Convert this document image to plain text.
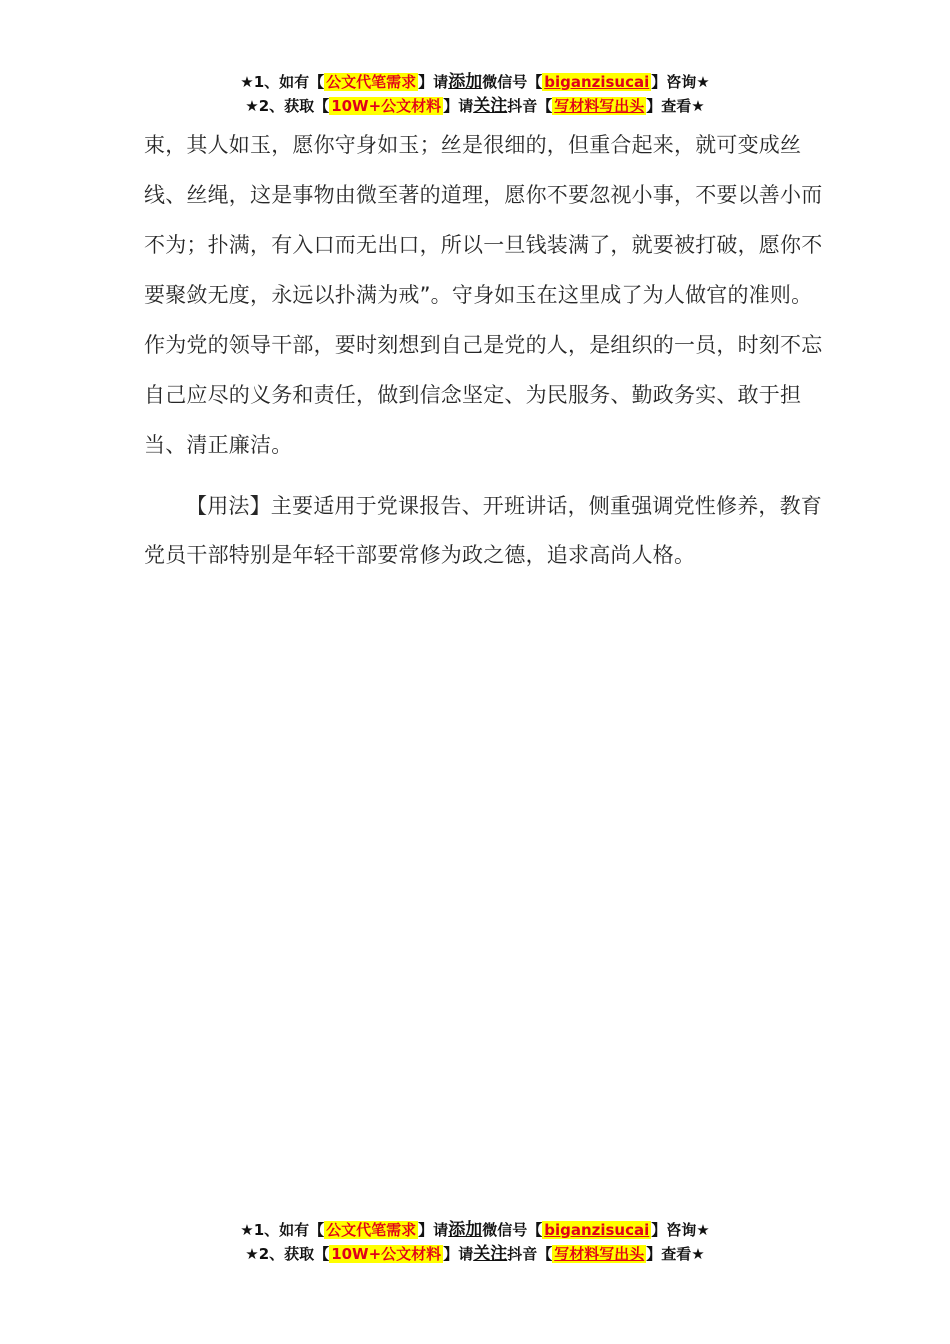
★1、如有【 公文代笔需求 】请添加微信号【 biganzisucai 】咨询★
★2、获取【 10W+公文材料 】请关注抖音【 写材料写出头 】查看★

束，其人如玉，愿你守身如玉；丝是很细的，但重合起来，就可变成丝线、丝绳，这是事物由微至著的道理，愿你不要忽视小事，不要以善小而不为；扑满，有入口而无出口，所以一旦钱装满了，就要被打破，愿你不要聚敛无度，永远以扑满为戒”。守身如玉在这里成了为人做官的准则。作为党的领导干部，要时刻想到自己是党的人，是组织的一员，时刻不忘自己应尽的义务和责任，做到信念坚定、为民服务、勤政务实、敢于担当、清正廉洁。

【用法】主要适用于党课报告、开班讲话，侧重强调党性修养，教育党员干部特别是年轻干部要常修为政之德，追求高尚人格。

★1、如有【 公文代笔需求 】请添加微信号【 biganzisucai 】咨询★
★2、获取【 10W+公文材料 】请关注抖音【 写材料写出头 】查看★
